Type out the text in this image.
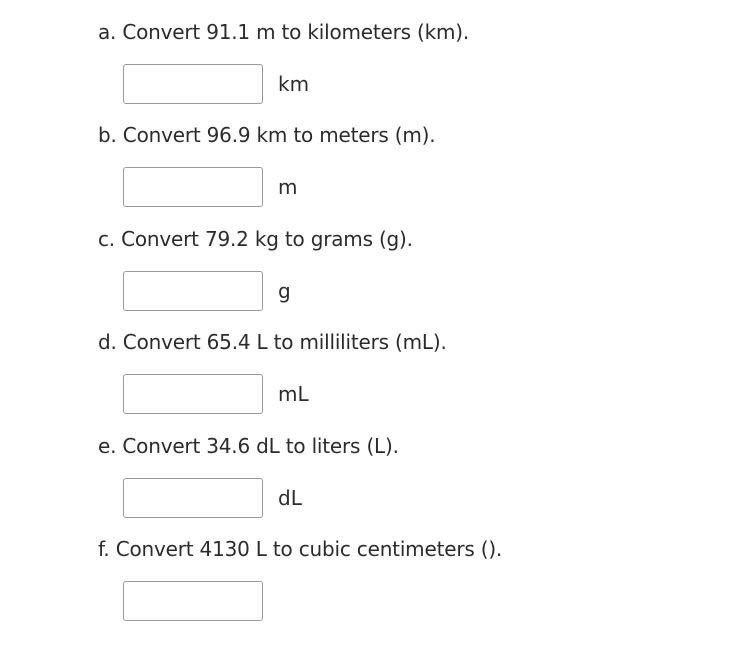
a. Convert 91.1 m to kilometers (km).
km
b. Convert 96.9 km to meters (m).
m
c. Convert 79.2 kg to grams (g).
g
d. Convert 65.4 L to milliliters (mL).
mL
e. Convert 34.6 dL to liters (L).
dL
f. Convert 4130 L to cubic centimeters ().
